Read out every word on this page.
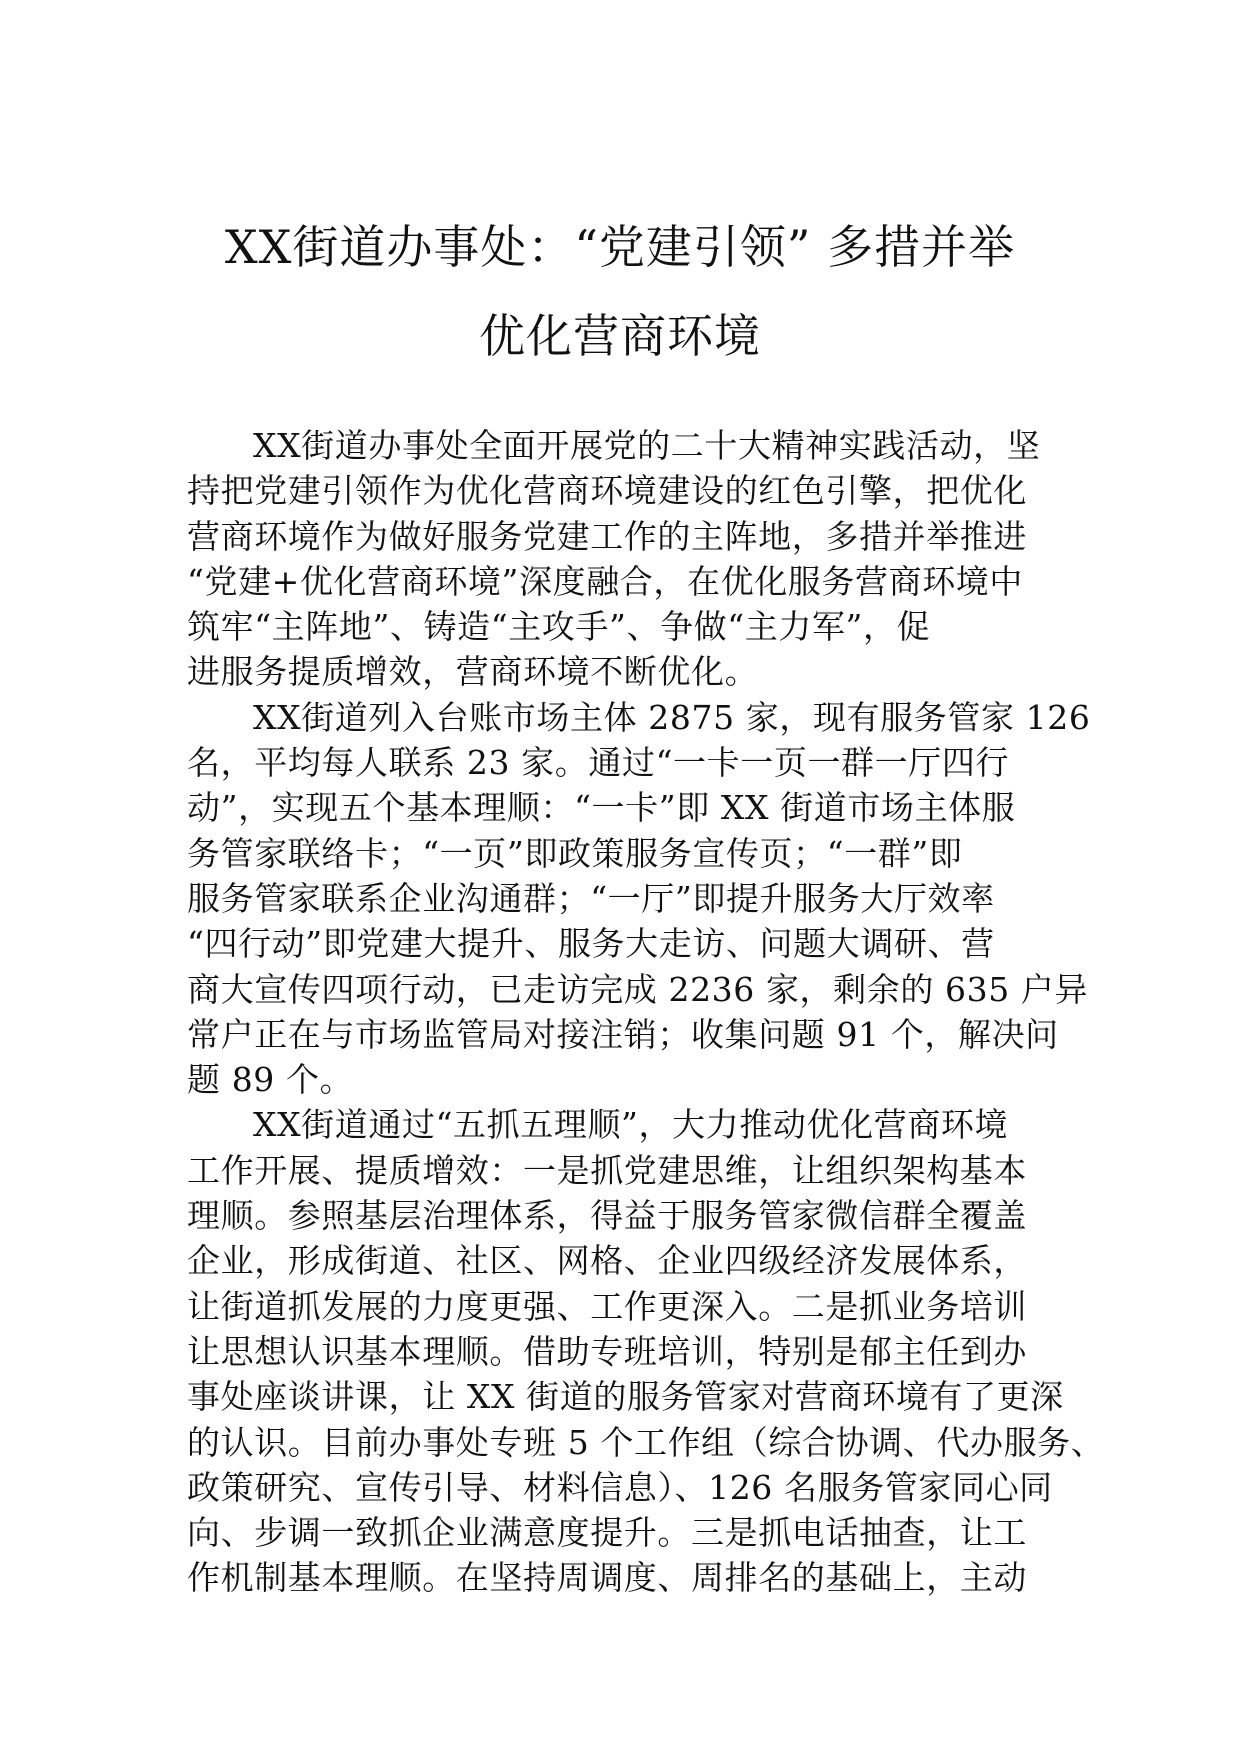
XX街道办事处：“党建引领” 多措并举
优化营商环境
XX街道办事处全面开展党的二十大精神实践活动，坚
持把党建引领作为优化营商环境建设的红色引擎，把优化
营商环境作为做好服务党建工作的主阵地，多措并举推进
“党建+优化营商环境”深度融合，在优化服务营商环境中
筑牢“主阵地”、铸造“主攻手”、争做“主力军”，促
进服务提质增效，营商环境不断优化。
XX街道列入台账市场主体 2875 家，现有服务管家 126
名，平均每人联系 23 家。通过“一卡一页一群一厅四行
动”，实现五个基本理顺：“一卡”即 XX 街道市场主体服
务管家联络卡；“一页”即政策服务宣传页；“一群”即
服务管家联系企业沟通群；“一厅”即提升服务大厅效率
“四行动”即党建大提升、服务大走访、问题大调研、营
商大宣传四项行动，已走访完成 2236 家，剩余的 635 户异
常户正在与市场监管局对接注销；收集问题 91 个，解决问
题 89 个。
XX街道通过“五抓五理顺”，大力推动优化营商环境
工作开展、提质增效：一是抓党建思维，让组织架构基本
理顺。参照基层治理体系，得益于服务管家微信群全覆盖
企业，形成街道、社区、网格、企业四级经济发展体系，
让街道抓发展的力度更强、工作更深入。二是抓业务培训
让思想认识基本理顺。借助专班培训，特别是郁主任到办
事处座谈讲课，让 XX 街道的服务管家对营商环境有了更深
的认识。目前办事处专班 5 个工作组（综合协调、代办服务、
政策研究、宣传引导、材料信息）、126 名服务管家同心同
向、步调一致抓企业满意度提升。三是抓电话抽查，让工
作机制基本理顺。在坚持周调度、周排名的基础上，主动
